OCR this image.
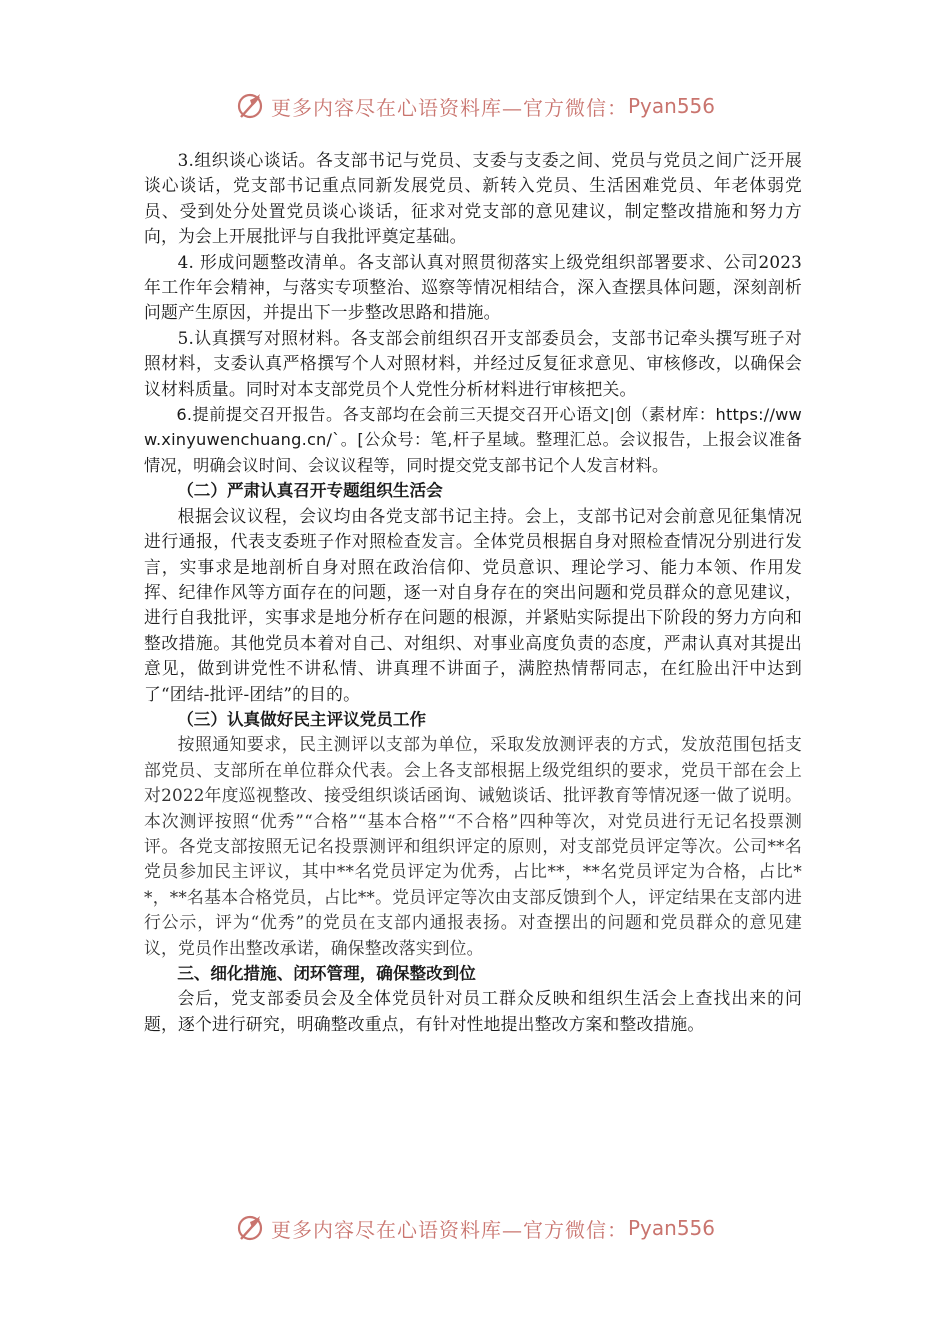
更多内容尽在心语资料库—官方微信： Pyan556

3.组织谈心谈话。各支部书记与党员、支委与支委之间、党员与党员之间广泛开展谈心谈话，党支部书记重点同新发展党员、新转入党员、生活困难党员、年老体弱党员、受到处分处置党员谈心谈话，征求对党支部的意见建议，制定整改措施和努力方向，为会上开展批评与自我批评奠定基础。

4. 形成问题整改清单。各支部认真对照贯彻落实上级党组织部署要求、公司2023年工作年会精神，与落实专项整治、巡察等情况相结合，深入查摆具体问题，深刻剖析问题产生原因，并提出下一步整改思路和措施。

5.认真撰写对照材料。各支部会前组织召开支部委员会，支部书记牵头撰写班子对照材料，支委认真严格撰写个人对照材料，并经过反复征求意见、审核修改，以确保会议材料质量。同时对本支部党员个人党性分析材料进行审核把关。

6.提前提交召开报告。各支部均在会前三天提交召开心语文|创（素材库：https://www.xinyuwenchuang.cn/`。[公众号：笔,杆子星域。整理汇总。会议报告，上报会议准备情况，明确会议时间、会议议程等，同时提交党支部书记个人发言材料。

（二）严肃认真召开专题组织生活会

根据会议议程，会议均由各党支部书记主持。会上，支部书记对会前意见征集情况进行通报，代表支委班子作对照检查发言。全体党员根据自身对照检查情况分别进行发言，实事求是地剖析自身对照在政治信仰、党员意识、理论学习、能力本领、作用发挥、纪律作风等方面存在的问题，逐一对自身存在的突出问题和党员群众的意见建议，进行自我批评，实事求是地分析存在问题的根源，并紧贴实际提出下阶段的努力方向和整改措施。其他党员本着对自己、对组织、对事业高度负责的态度，严肃认真对其提出意见，做到讲党性不讲私情、讲真理不讲面子，满腔热情帮同志，在红脸出汗中达到了“团结-批评-团结”的目的。

（三）认真做好民主评议党员工作

按照通知要求，民主测评以支部为单位，采取发放测评表的方式，发放范围包括支部党员、支部所在单位群众代表。会上各支部根据上级党组织的要求，党员干部在会上对2022年度巡视整改、接受组织谈话函询、诫勉谈话、批评教育等情况逐一做了说明。本次测评按照“优秀”“合格”“基本合格”“不合格”四种等次，对党员进行无记名投票测评。各党支部按照无记名投票测评和组织评定的原则，对支部党员评定等次。公司**名党员参加民主评议，其中**名党员评定为优秀，占比**，**名党员评定为合格，占比**，**名基本合格党员，占比**。党员评定等次由支部反馈到个人，评定结果在支部内进行公示，评为“优秀”的党员在支部内通报表扬。对查摆出的问题和党员群众的意见建议，党员作出整改承诺，确保整改落实到位。

三、细化措施、闭环管理，确保整改到位

会后，党支部委员会及全体党员针对员工群众反映和组织生活会上查找出来的问题，逐个进行研究，明确整改重点，有针对性地提出整改方案和整改措施。

更多内容尽在心语资料库—官方微信： Pyan556
